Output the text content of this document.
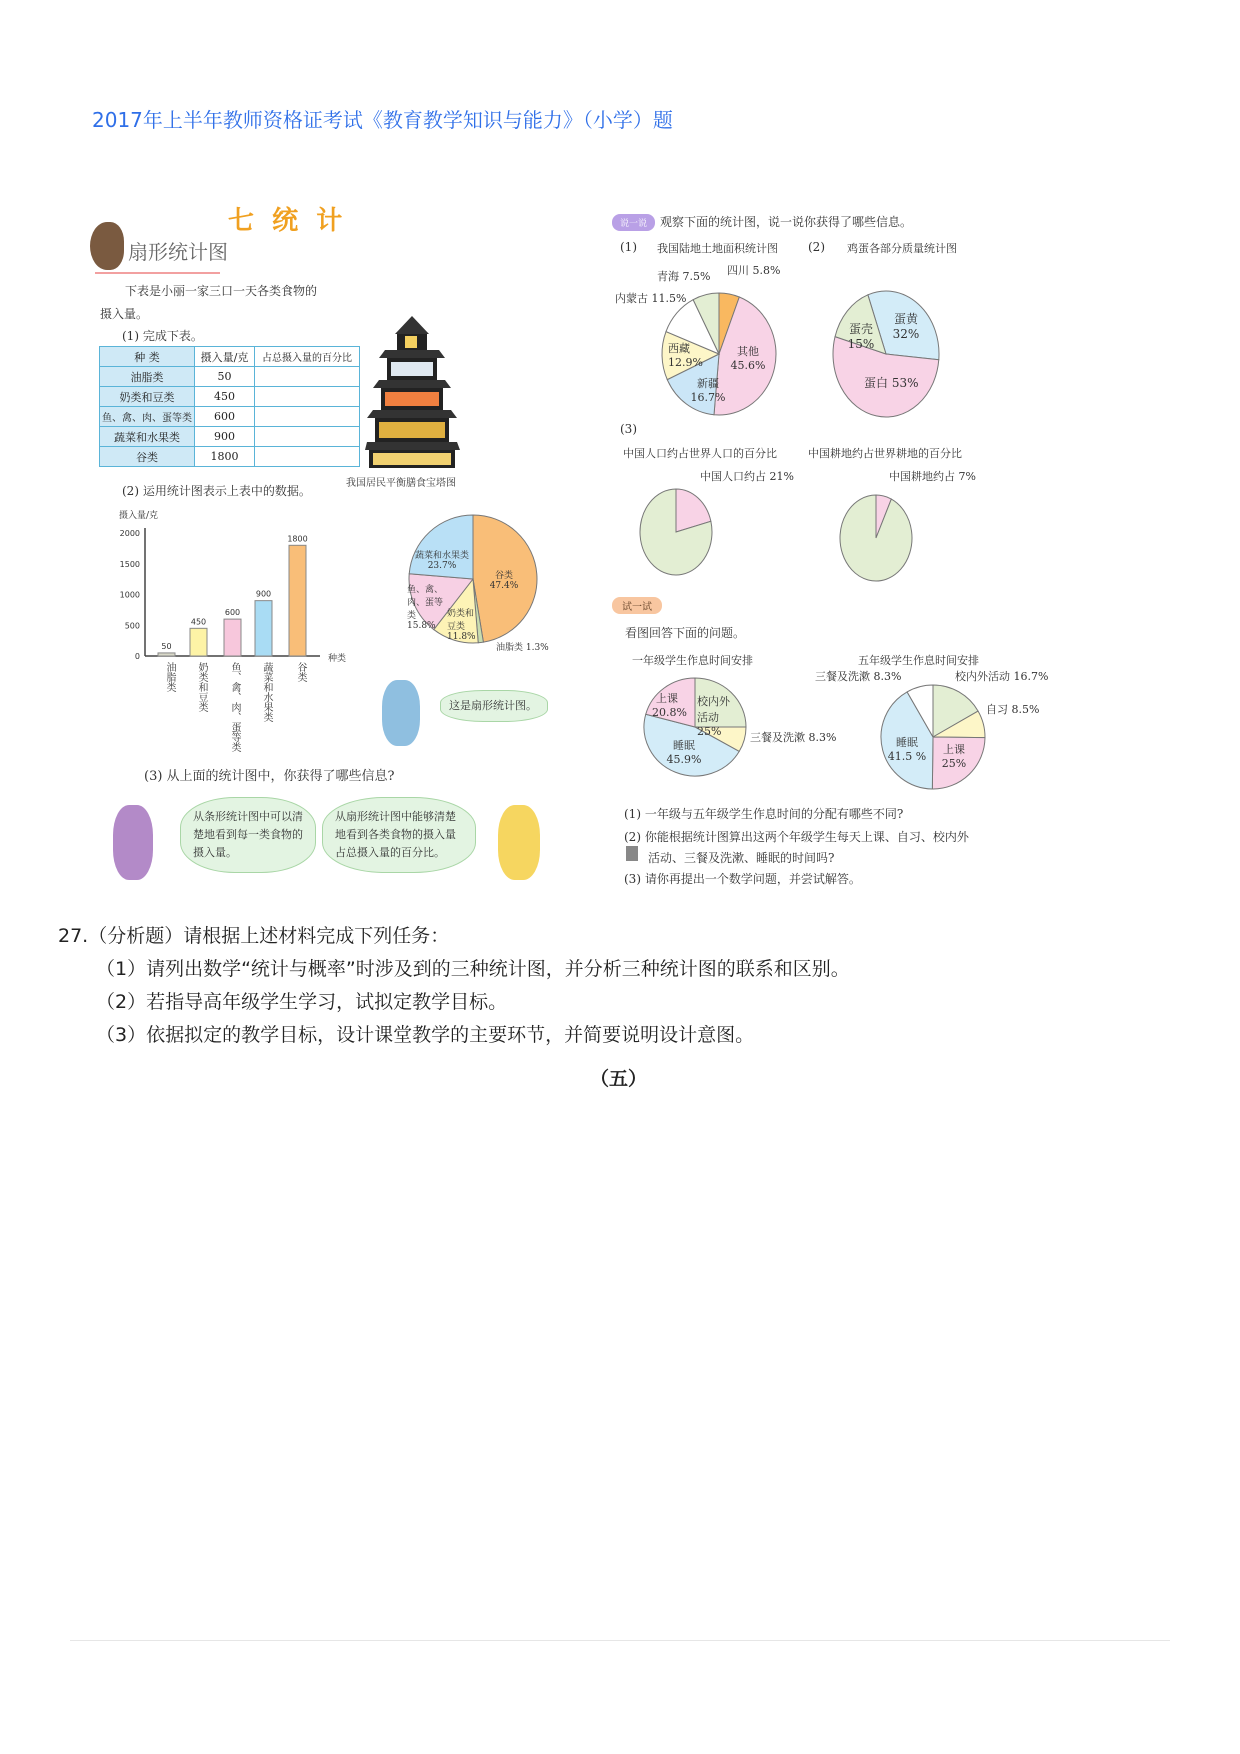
2017年上半年教师资格证考试《教育教学知识与能力》（小学）题
七  统  计
扇形统计图
下表是小丽一家三口一天各类食物的
摄入量。
(1) 完成下表。
种 类	摄入量/克	占总摄入量的百分比
油脂类	50	
奶类和豆类	450	
鱼、禽、肉、蛋等类	600	
蔬菜和水果类	900	
谷类	1800	
我国居民平衡膳食宝塔图
(2) 运用统计图表示上表中的数据。
摄入量/克
0
500
1000
1500
2000
50
450
600
900
1800
种类
油脂类 奶类和豆类 鱼、禽、肉、蛋等类 蔬菜和水果类 谷类
谷类 47.4%
蔬菜和水果类 23.7%
鱼、禽、肉、蛋等类 15.8%
奶类和豆类 11.8%
油脂类 1.3%
这是扇形统计图。
(3) 从上面的统计图中，你获得了哪些信息?
从条形统计图中可以清楚地看到每一类食物的摄入量。
从扇形统计图中能够清楚地看到各类食物的摄入量占总摄入量的百分比。
说一说	观察下面的统计图，说一说你获得了哪些信息。
(1) 我国陆地土地面积统计图	(2) 鸡蛋各部分质量统计图
四川 5.8%
青海 7.5%
内蒙古 11.5%
其他 45.6%
新疆 16.7%
西藏 12.9%
蛋黄 32%
蛋壳 15%
蛋白 53%
(3)
中国人口约占世界人口的百分比	中国耕地约占世界耕地的百分比
中国人口约占 21%	中国耕地约占 7%
试一试
看图回答下面的问题。
一年级学生作息时间安排	五年级学生作息时间安排
上课 20.8%
校内外活动 25%
睡眠 45.9%
三餐及洗漱 8.3%
三餐及洗漱 8.3%	校内外活动 16.7%
自习 8.5%
睡眠 41.5 %
上课 25%
(1) 一年级与五年级学生作息时间的分配有哪些不同?
(2) 你能根据统计图算出这两个年级学生每天上课、自习、校内外
活动、三餐及洗漱、睡眠的时间吗?
(3) 请你再提出一个数学问题，并尝试解答。
27.（分析题）请根据上述材料完成下列任务：
（1）请列出数学“统计与概率”时涉及到的三种统计图，并分析三种统计图的联系和区别。
（2）若指导高年级学生学习，试拟定教学目标。
（3）依据拟定的教学目标，设计课堂教学的主要环节，并简要说明设计意图。
（五）
